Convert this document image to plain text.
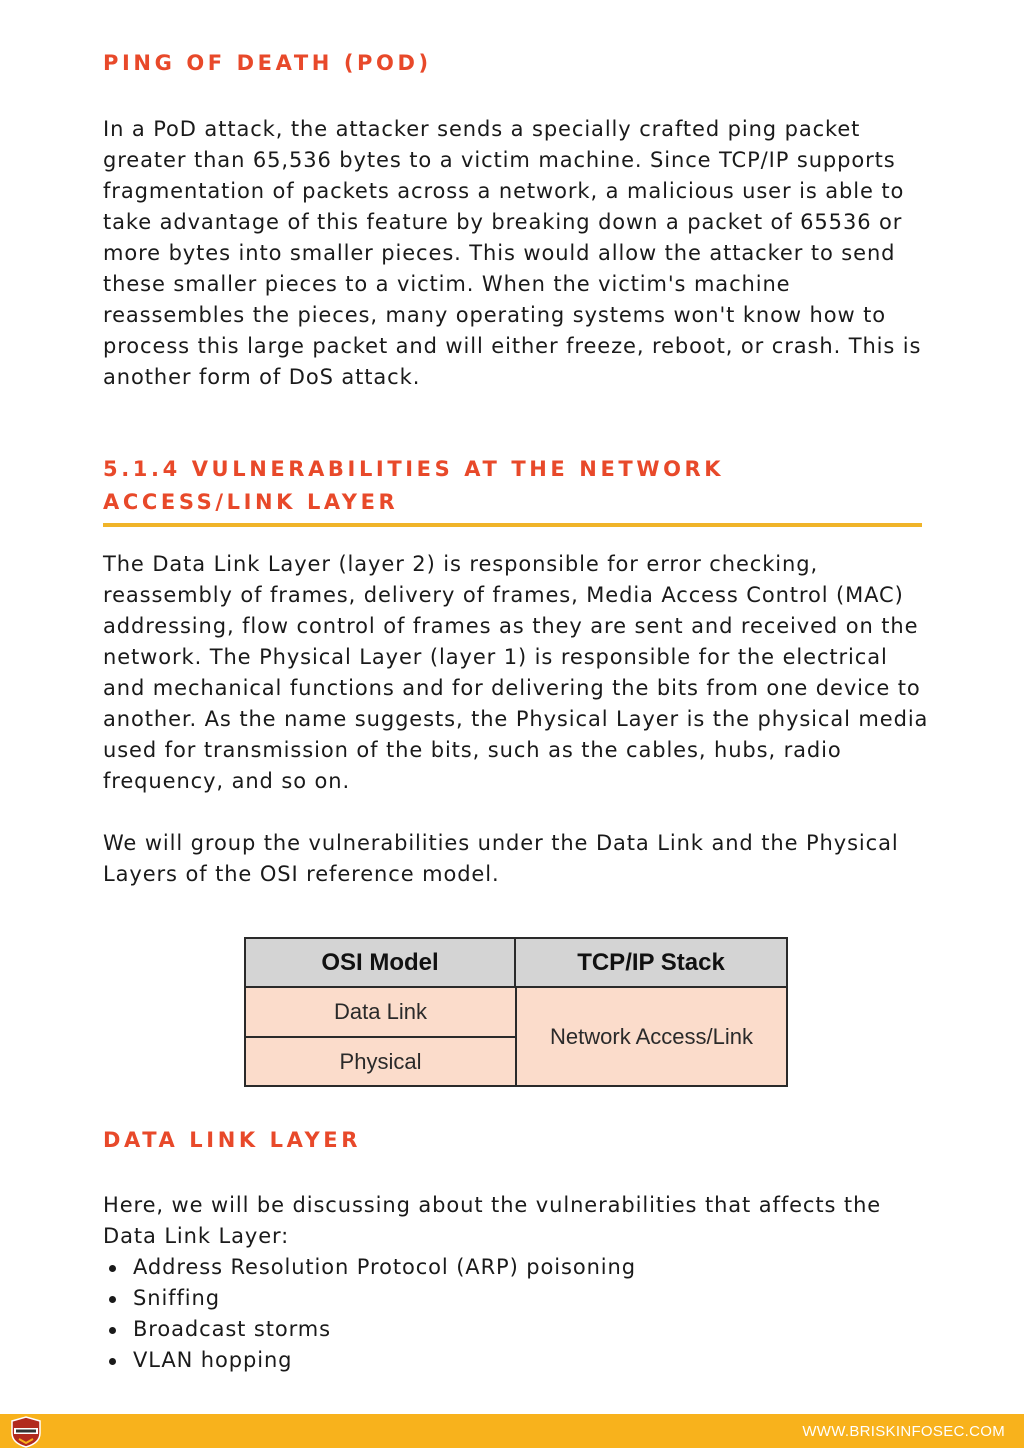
PING OF DEATH (POD)

In a PoD attack, the attacker sends a specially crafted ping packet greater than 65,536 bytes to a victim machine. Since TCP/IP supports fragmentation of packets across a network, a malicious user is able to take advantage of this feature by breaking down a packet of 65536 or more bytes into smaller pieces. This would allow the attacker to send these smaller pieces to a victim. When the victim's machine reassembles the pieces, many operating systems won't know how to process this large packet and will either freeze, reboot, or crash. This is another form of DoS attack.

5.1.4 VULNERABILITIES AT THE NETWORK
ACCESS/LINK LAYER

The Data Link Layer (layer 2) is responsible for error checking, reassembly of frames, delivery of frames, Media Access Control (MAC) addressing, flow control of frames as they are sent and received on the network. The Physical Layer (layer 1) is responsible for the electrical and mechanical functions and for delivering the bits from one device to another. As the name suggests, the Physical Layer is the physical media used for transmission of the bits, such as the cables, hubs, radio frequency, and so on.

We will group the vulnerabilities under the Data Link and the Physical Layers of the OSI reference model.

OSI Model	TCP/IP Stack
Data Link
Physical
Network Access/Link
DATA LINK LAYER

Here, we will be discussing about the vulnerabilities that affects the Data Link Layer:

Address Resolution Protocol (ARP) poisoning
Sniffing
Broadcast storms
VLAN hopping
WWW.BRISKINFOSEC.COM
